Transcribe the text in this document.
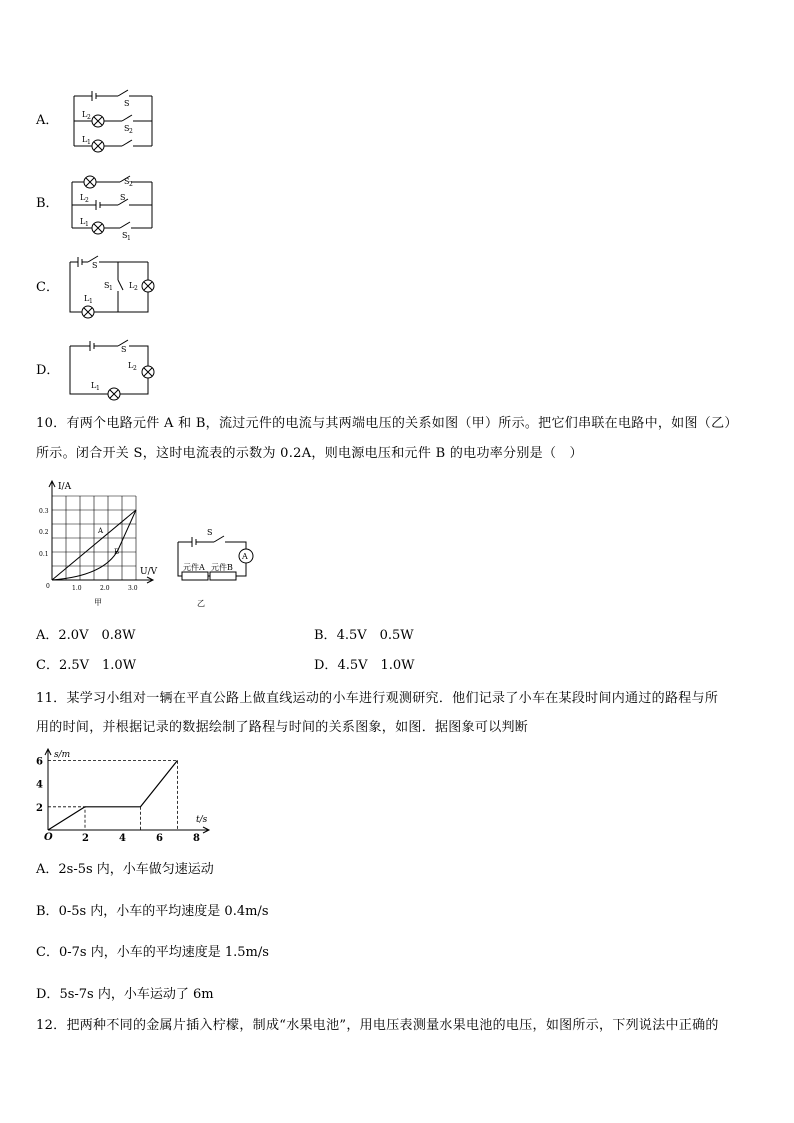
A．
S
L 2
S 2
L 1
B．	L 2
S 2
S
L 1
S 1
C．
S
S 1 L 2
L 1
D．
S
L 2
L 1
10．有两个电路元件 A 和 B，流过元件的电流与其两端电压的关系如图（甲）所示。把它们串联在电路中，如图（乙）
所示。闭合开关 S，这时电流表的示数为 0.2A，则电源电压和元件 B 的电功率分别是（　）
I/A
U/V
0.3
0.2
0.1
0	1.0	2.0	3.0
A
B
甲
S
A
元件A 元件B
乙
A．2.0V　0.8W	B．4.5V　0.5W
C．2.5V　1.0W	D．4.5V　1.0W
11．某学习小组对一辆在平直公路上做直线运动的小车进行观测研究．他们记录了小车在某段时间内通过的路程与所
用的时间，并根据记录的数据绘制了路程与时间的关系图象，如图．据图象可以判断
6
4
2
2	4	6	8
s/m
t/s
O
A．2s-5s 内，小车做匀速运动
B．0-5s 内，小车的平均速度是 0.4m/s
C．0-7s 内，小车的平均速度是 1.5m/s
D．5s-7s 内，小车运动了 6m
12．把两种不同的金属片插入柠檬，制成“水果电池”，用电压表测量水果电池的电压，如图所示，下列说法中正确的
